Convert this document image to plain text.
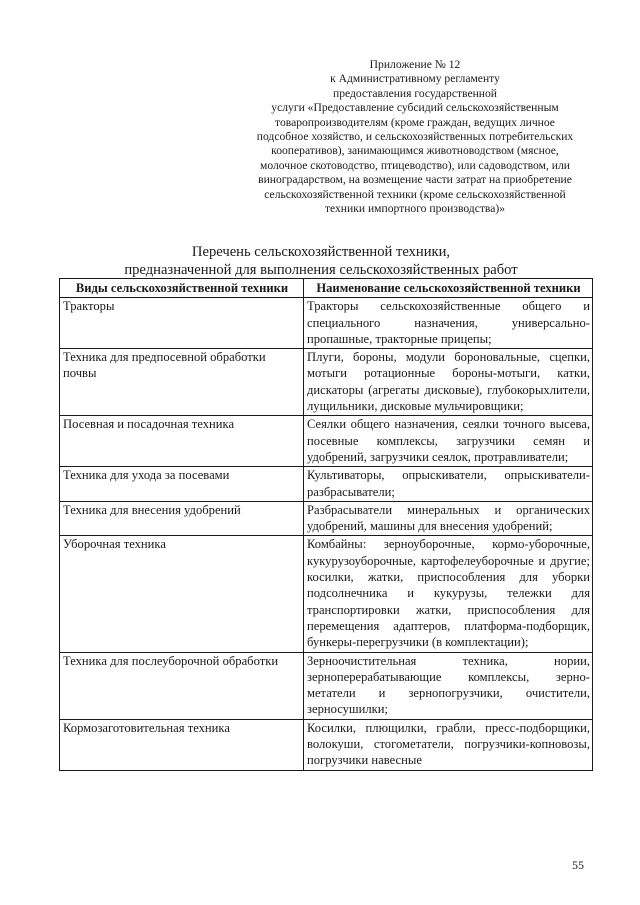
Приложение № 12
к Административному регламенту
предоставления государственной
услуги «Предоставление субсидий сельскохозяйственным
товаропроизводителям (кроме граждан, ведущих личное
подсобное хозяйство, и сельскохозяйственных потребительских
кооперативов), занимающимся животноводством (мясное,
молочное скотоводство, птицеводство), или садоводством, или
виноградарством, на возмещение части затрат на приобретение
сельскохозяйственной техники (кроме сельскохозяйственной
техники импортного производства)»
Перечень сельскохозяйственной техники,
предназначенной для выполнения сельскохозяйственных работ
Виды сельскохозяйственной техники	Наименование сельскохозяйственной техники
Тракторы	Тракторы сельскохозяйственные общего и специального назначения, универсально-пропашные, тракторные прицепы;
Техника для предпосевной обработки почвы	Плуги, бороны, модули бороновальные, сцепки, мотыги ротационные бороны-мотыги, катки, дискаторы (агрегаты дисковые), глубокорыхлители, лущильники, дисковые мульчировщики;
Посевная и посадочная техника	Сеялки общего назначения, сеялки точного высева, посевные комплексы, загрузчики семян и удобрений, загрузчики сеялок, протравливатели;
Техника для ухода за посевами	Культиваторы, опрыскиватели, опрыскиватели-разбрасыватели;
Техника для внесения удобрений	Разбрасыватели минеральных и органических удобрений, машины для внесения удобрений;
Уборочная техника	Комбайны: зерноуборочные, кормо-уборочные, кукурузоуборочные, картофелеуборочные и другие; косилки, жатки, приспособления для уборки подсолнечника и кукурузы, тележки для транспортировки жатки, приспособления для перемещения адаптеров, платформа-подборщик, бункеры-перегрузчики (в комплектации);
Техника для послеуборочной обработки	Зерноочистительная техника, нории, зерноперерабатывающие комплексы, зерно-метатели и зернопогрузчики, очистители, зерносушилки;
Кормозаготовительная техника	Косилки, плющилки, грабли, пресс-подборщики, волокуши, стогометатели, погрузчики-копновозы, погрузчики навесные
55
